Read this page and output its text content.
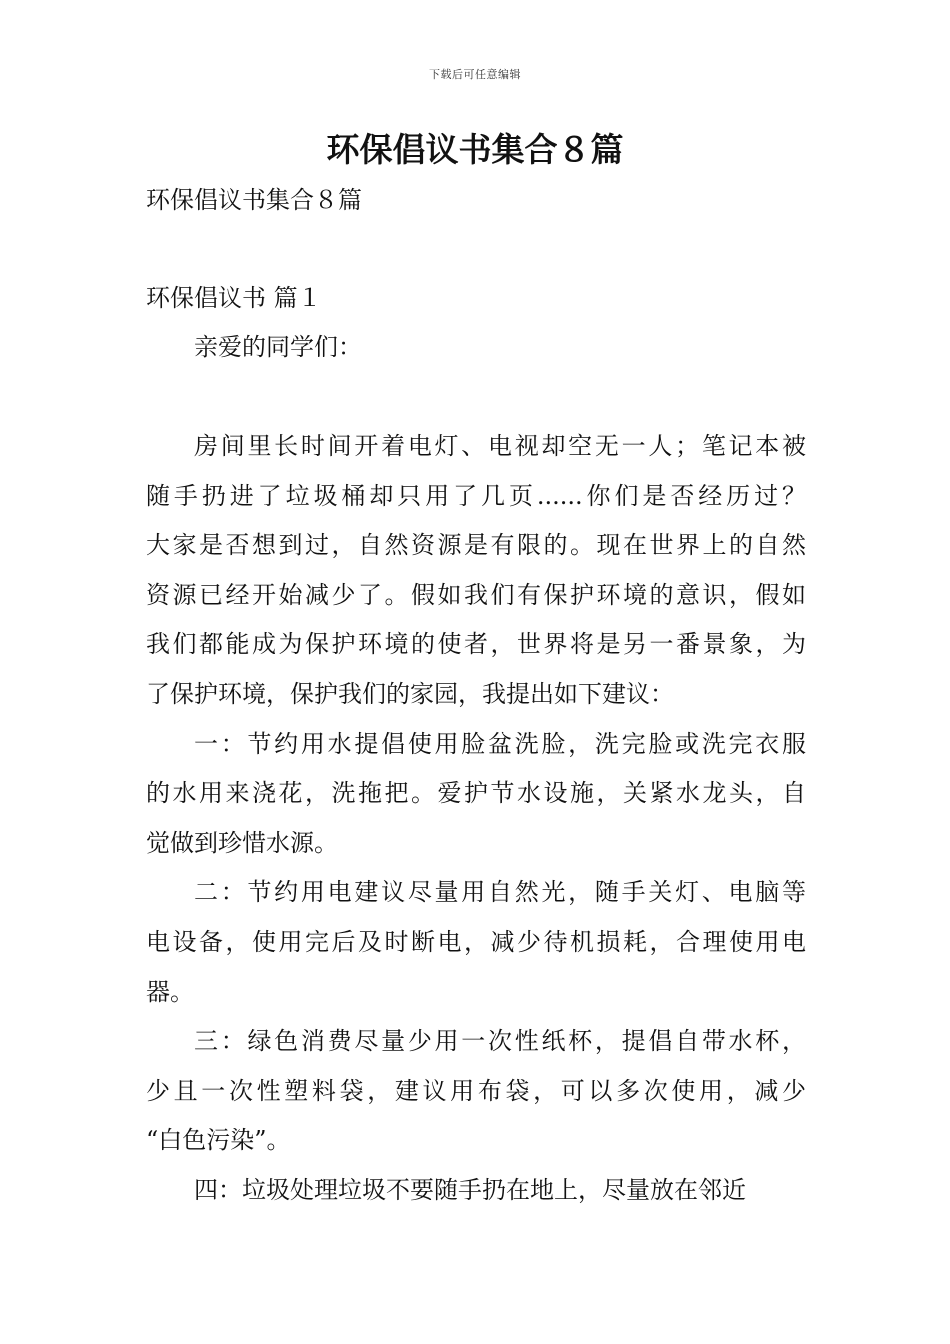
下载后可任意编辑
环保倡议书集合８篇
环保倡议书集合８篇
环保倡议书 篇１
亲爱的同学们：

房间里长时间开着电灯、电视却空无一人；笔记本被
随手扔进了垃圾桶却只用了几页......你们是否经历过？
大家是否想到过，自然资源是有限的。现在世界上的自然
资源已经开始减少了。假如我们有保护环境的意识，假如
我们都能成为保护环境的使者，世界将是另一番景象，为
了保护环境，保护我们的家园，我提出如下建议：

一：节约用水提倡使用脸盆洗脸，洗完脸或洗完衣服
的水用来浇花，洗拖把。爱护节水设施，关紧水龙头，自
觉做到珍惜水源。

二：节约用电建议尽量用自然光，随手关灯、电脑等
电设备，使用完后及时断电，减少待机损耗，合理使用电
器。

三：绿色消费尽量少用一次性纸杯，提倡自带水杯，
少且一次性塑料袋，建议用布袋，可以多次使用，减少
“白色污染”。

四：垃圾处理垃圾不要随手扔在地上，尽量放在邻近
